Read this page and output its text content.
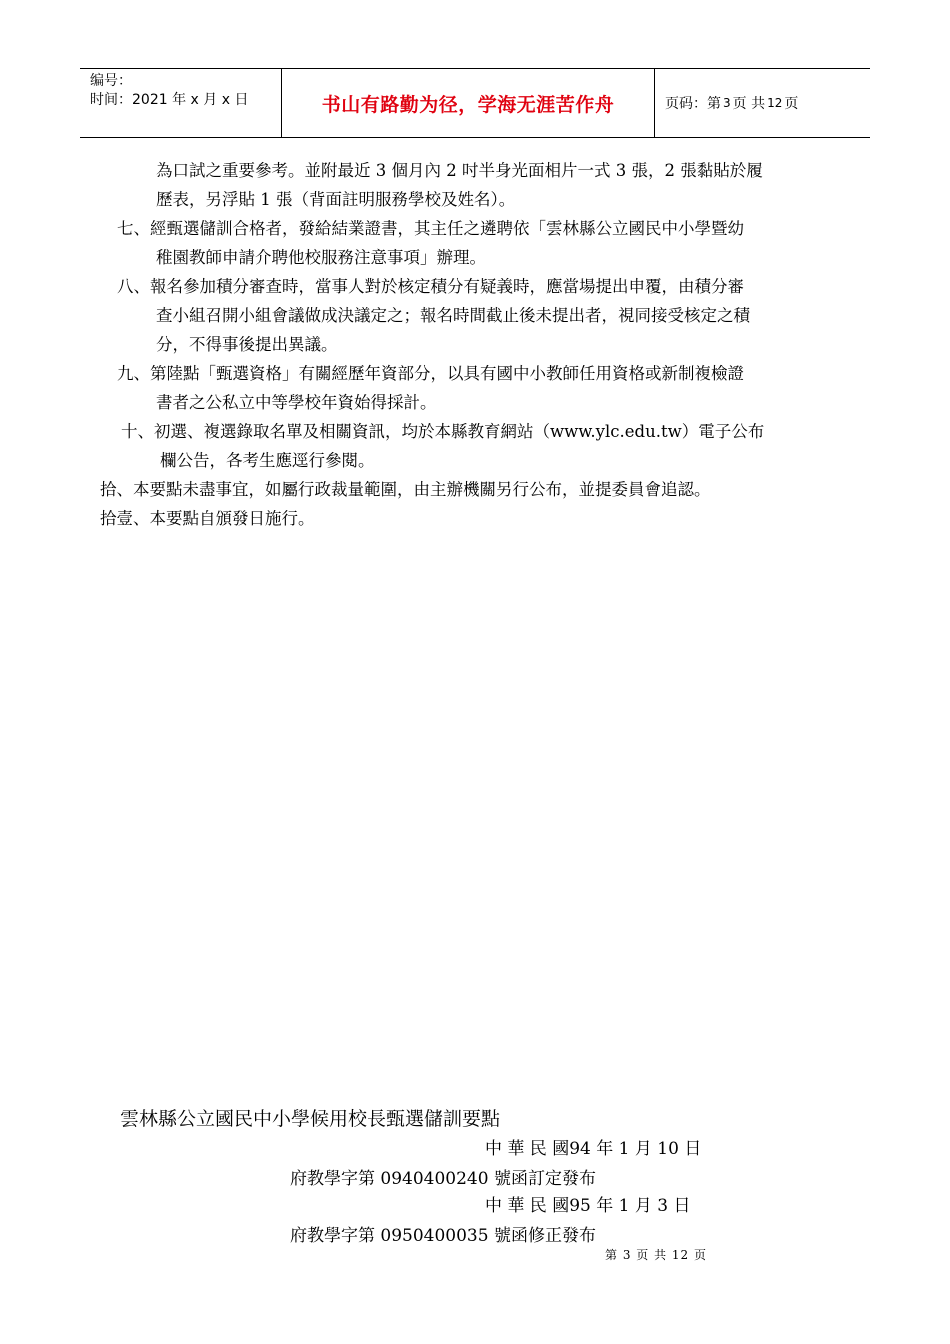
编号：
时间：2021 年 x 月 x 日	书山有路勤为径，学海无涯苦作舟	页码：第 3 页 共 12 页
為口試之重要參考。並附最近 3 個月內 2 吋半身光面相片一式 3 張，2 張黏貼於履
歷表，另浮貼 1 張（背面註明服務學校及姓名）。
七、經甄選儲訓合格者，發給結業證書，其主任之遴聘依「雲林縣公立國民中小學暨幼
稚園教師申請介聘他校服務注意事項」辦理。
八、報名參加積分審查時，當事人對於核定積分有疑義時，應當場提出申覆，由積分審
查小組召開小組會議做成決議定之；報名時間截止後未提出者，視同接受核定之積
分，不得事後提出異議。
九、第陸點「甄選資格」有關經歷年資部分，以具有國中小教師任用資格或新制複檢證
書者之公私立中等學校年資始得採計。
十、初選、複選錄取名單及相關資訊，均於本縣教育網站（www.ylc.edu.tw）電子公布
欄公告，各考生應逕行參閱。
拾、本要點未盡事宜，如屬行政裁量範圍，由主辦機關另行公布，並提委員會追認。
拾壹、本要點自頒發日施行。
雲林縣公立國民中小學候用校長甄選儲訓要點
中 華 民 國94 年 1 月 10 日
府教學字第 0940400240 號函訂定發布
中 華 民 國95 年 1 月 3 日
府教學字第 0950400035 號函修正發布
第 3 页 共 12 页
